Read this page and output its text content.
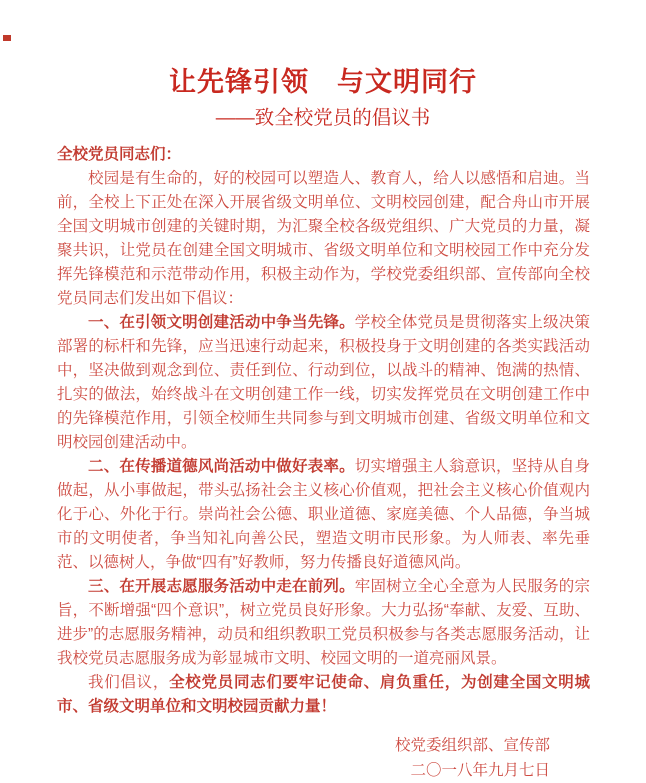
让先锋引领　与文明同行
——致全校党员的倡议书

全校党员同志们：

校园是有生命的，好的校园可以塑造人、教育人，给人以感悟和启迪。当前，全校上下正处在深入开展省级文明单位、文明校园创建，配合舟山市开展全国文明城市创建的关键时期，为汇聚全校各级党组织、广大党员的力量，凝聚共识，让党员在创建全国文明城市、省级文明单位和文明校园工作中充分发挥先锋模范和示范带动作用，积极主动作为，学校党委组织部、宣传部向全校党员同志们发出如下倡议：

一、在引领文明创建活动中争当先锋。学校全体党员是贯彻落实上级决策部署的标杆和先锋，应当迅速行动起来，积极投身于文明创建的各类实践活动中，坚决做到观念到位、责任到位、行动到位，以战斗的精神、饱满的热情、扎实的做法，始终战斗在文明创建工作一线，切实发挥党员在文明创建工作中的先锋模范作用，引领全校师生共同参与到文明城市创建、省级文明单位和文明校园创建活动中。

二、在传播道德风尚活动中做好表率。切实增强主人翁意识，坚持从自身做起，从小事做起，带头弘扬社会主义核心价值观，把社会主义核心价值观内化于心、外化于行。崇尚社会公德、职业道德、家庭美德、个人品德，争当城市的文明使者，争当知礼向善公民，塑造文明市民形象。为人师表、率先垂范、以德树人，争做“四有”好教师，努力传播良好道德风尚。

三、在开展志愿服务活动中走在前列。牢固树立全心全意为人民服务的宗旨，不断增强“四个意识”，树立党员良好形象。大力弘扬“奉献、友爱、互助、进步”的志愿服务精神，动员和组织教职工党员积极参与各类志愿服务活动，让我校党员志愿服务成为彰显城市文明、校园文明的一道亮丽风景。

我们倡议，全校党员同志们要牢记使命、肩负重任，为创建全国文明城市、省级文明单位和文明校园贡献力量！

校党委组织部、宣传部

二〇一八年九月七日
